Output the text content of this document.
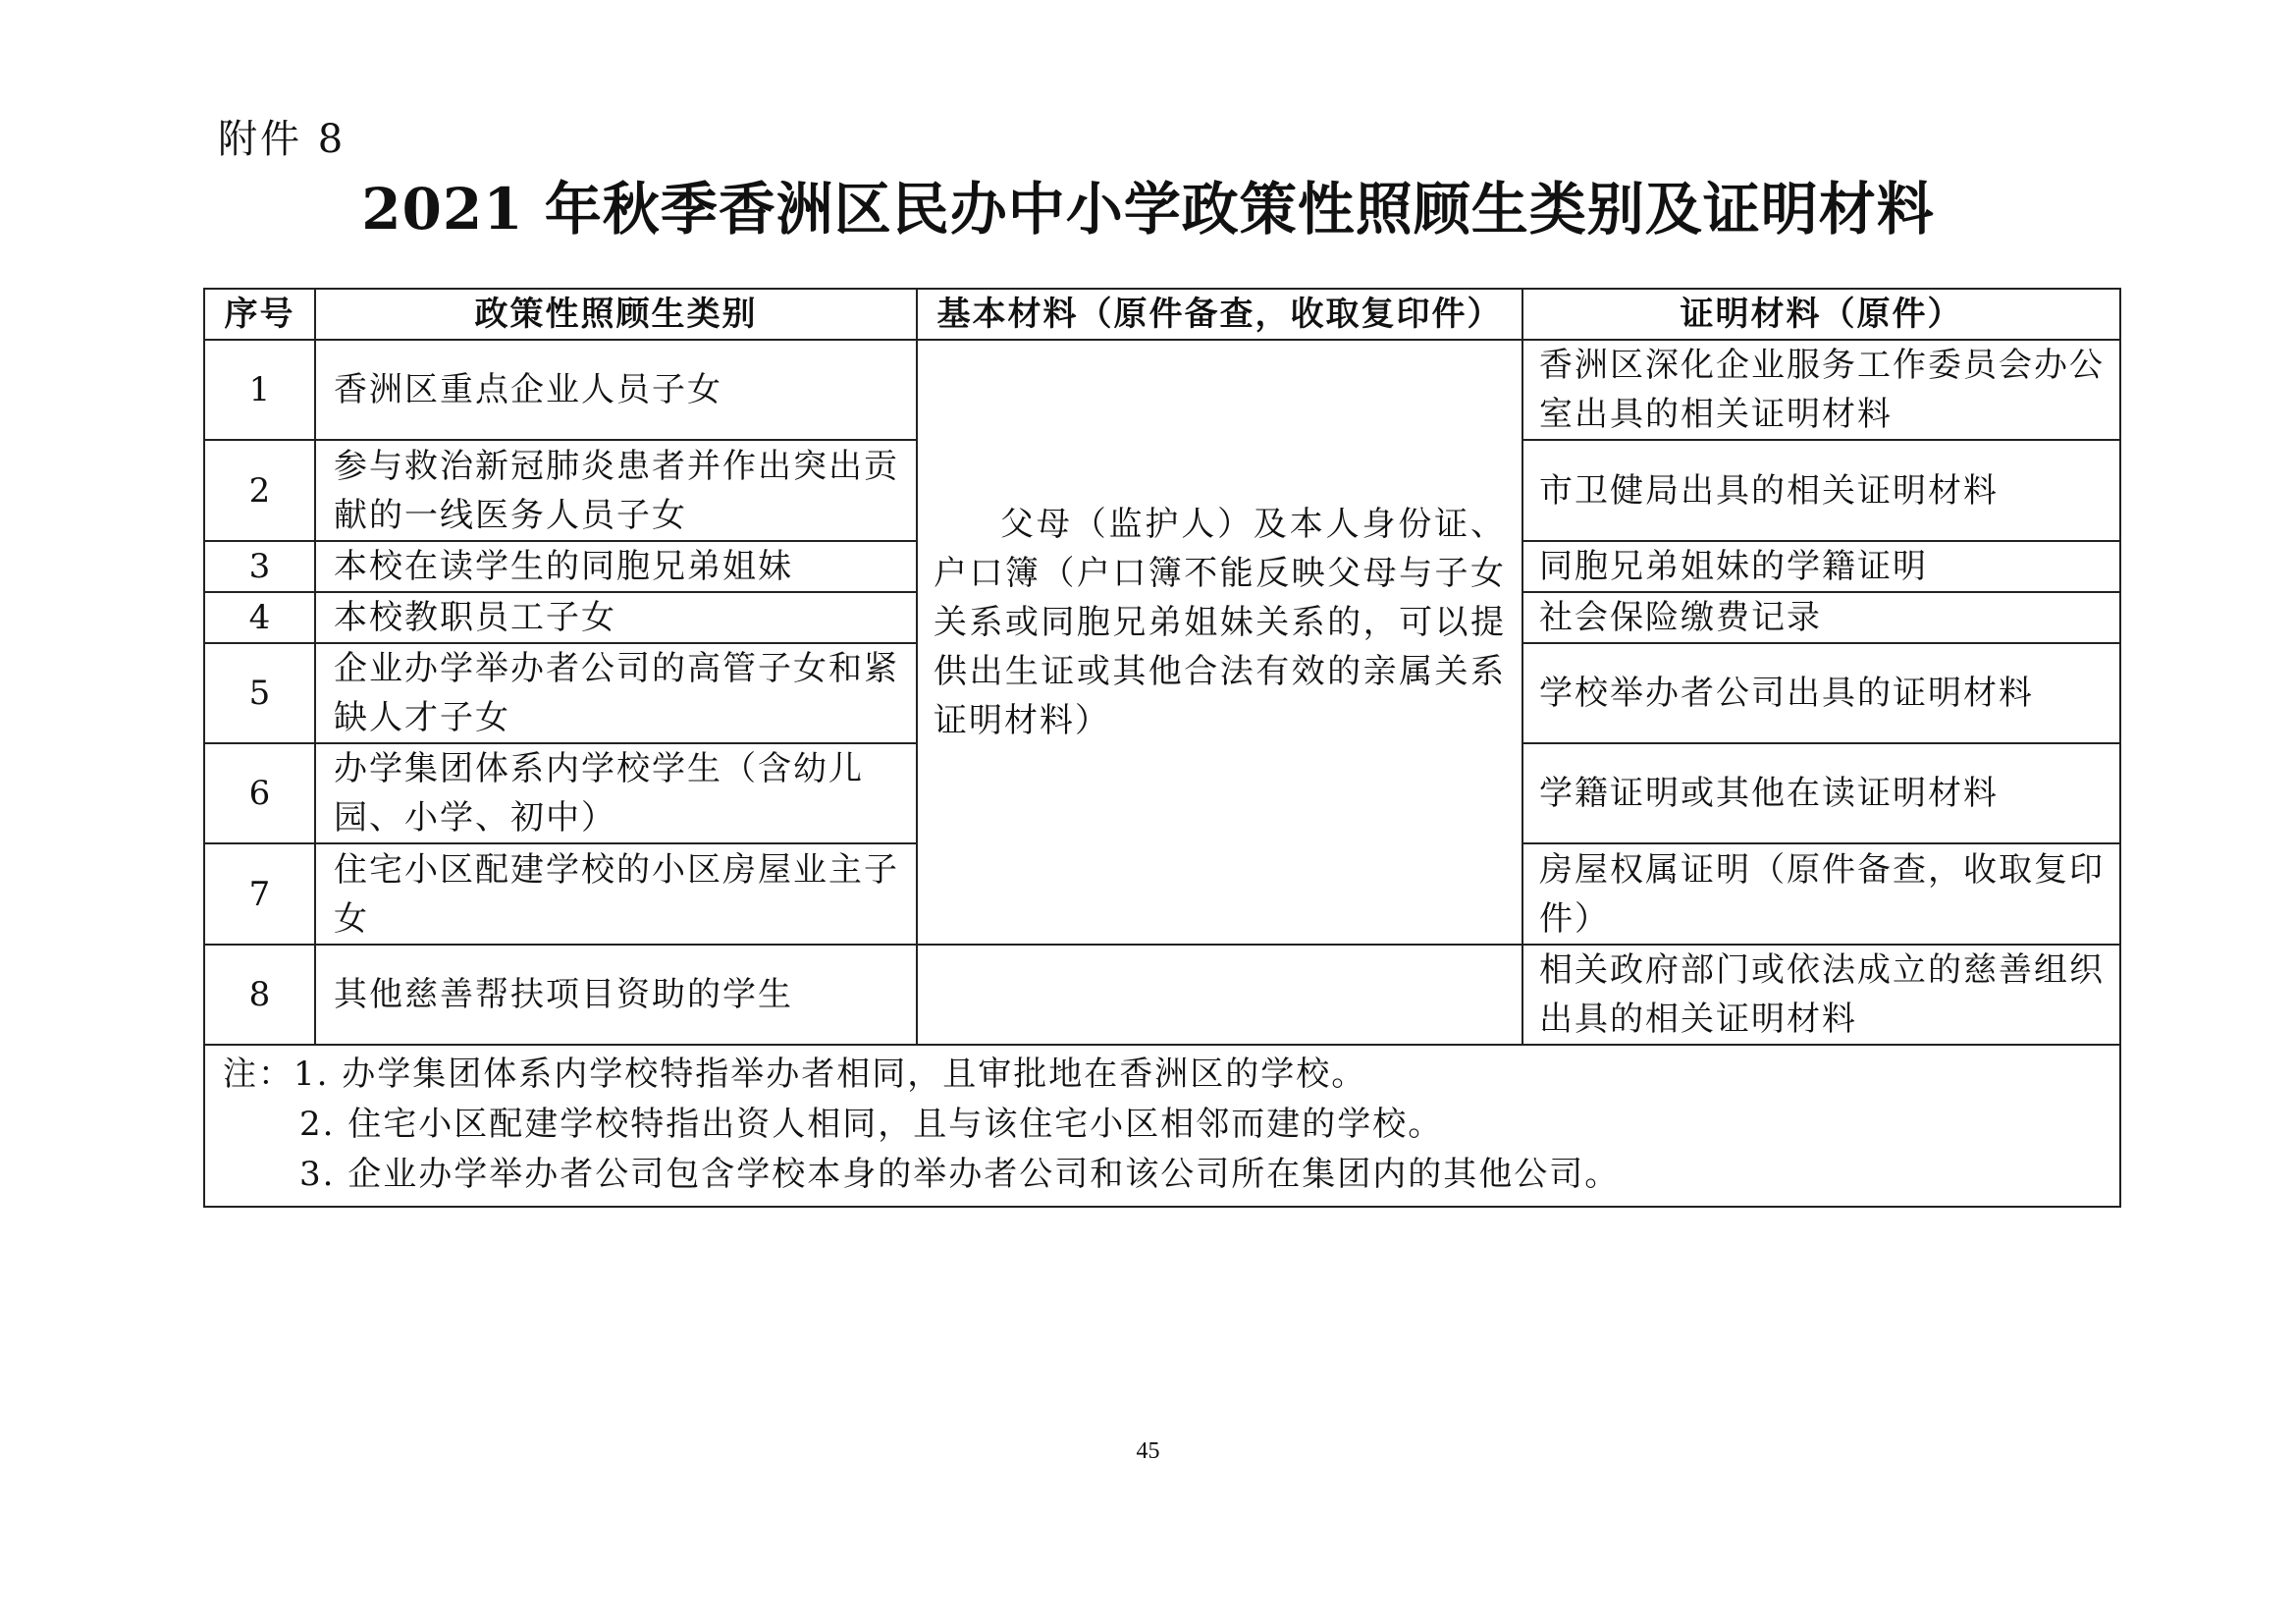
附件 8
2021 年秋季香洲区民办中小学政策性照顾生类别及证明材料
序号	政策性照顾生类别	基本材料（原件备查，收取复印件）	证明材料（原件）
1	香洲区重点企业人员子女	父母（监护人）及本人身份证、户口簿（户口簿不能反映父母与子女关系或同胞兄弟姐妹关系的，可以提供出生证或其他合法有效的亲属关系证明材料）	香洲区深化企业服务工作委员会办公室出具的相关证明材料
2	参与救治新冠肺炎患者并作出突出贡献的一线医务人员子女		市卫健局出具的相关证明材料
3	本校在读学生的同胞兄弟姐妹		同胞兄弟姐妹的学籍证明
4	本校教职员工子女		社会保险缴费记录
5	企业办学举办者公司的高管子女和紧缺人才子女		学校举办者公司出具的证明材料
6	办学集团体系内学校学生（含幼儿园、小学、初中）		学籍证明或其他在读证明材料
7	住宅小区配建学校的小区房屋业主子女		房屋权属证明（原件备查，收取复印件）
8	其他慈善帮扶项目资助的学生		相关政府部门或依法成立的慈善组织出具的相关证明材料

注：1. 办学集团体系内学校特指举办者相同，且审批地在香洲区的学校。
2. 住宅小区配建学校特指出资人相同，且与该住宅小区相邻而建的学校。
3. 企业办学举办者公司包含学校本身的举办者公司和该公司所在集团内的其他公司。			
45
